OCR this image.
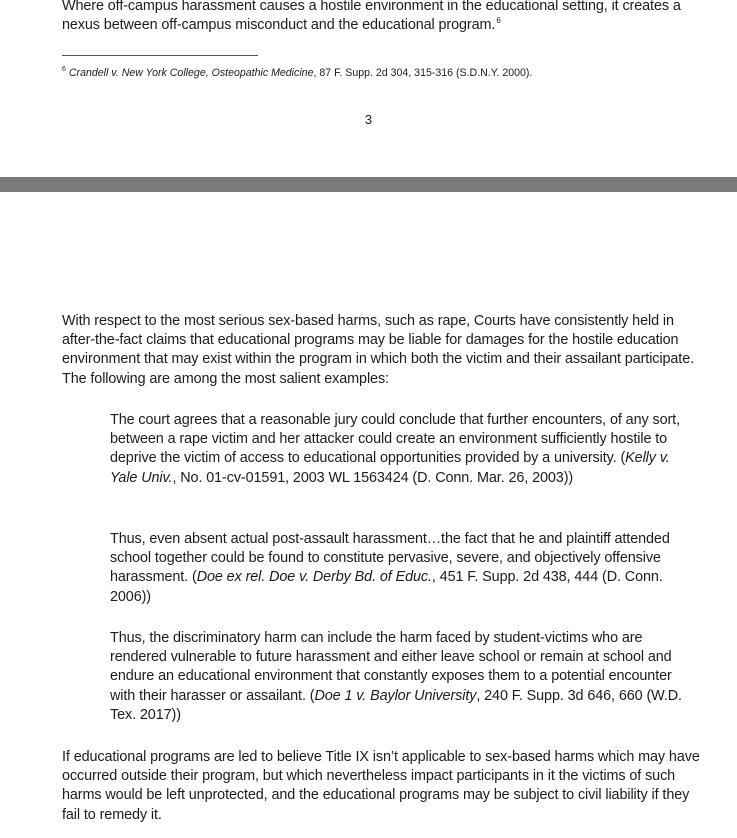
Where off-campus harassment causes a hostile environment in the educational setting, it creates a nexus between off-campus misconduct and the educational program.$^6$
$^6$ Crandell v. New York College, Osteopathic Medicine, 87 F. Supp. 2d 304, 315-316 (S.D.N.Y. 2000).
3
With respect to the most serious sex-based harms, such as rape, Courts have consistently held in after-the-fact claims that educational programs may be liable for damages for the hostile education environment that may exist within the program in which both the victim and their assailant participate. The following are among the most salient examples:
The court agrees that a reasonable jury could conclude that further encounters, of any sort, between a rape victim and her attacker could create an environment sufficiently hostile to deprive the victim of access to educational opportunities provided by a university. (Kelly v. Yale Univ., No. 01-cv-01591, 2003 WL 1563424 (D. Conn. Mar. 26, 2003))
Thus, even absent actual post-assault harassment…the fact that he and plaintiff attended school together could be found to constitute pervasive, severe, and objectively offensive harassment. (Doe ex rel. Doe v. Derby Bd. of Educ., 451 F. Supp. 2d 438, 444 (D. Conn. 2006))
Thus, the discriminatory harm can include the harm faced by student-victims who are rendered vulnerable to future harassment and either leave school or remain at school and endure an educational environment that constantly exposes them to a potential encounter with their harasser or assailant. (Doe 1 v. Baylor University, 240 F. Supp. 3d 646, 660 (W.D. Tex. 2017))
If educational programs are led to believe Title IX isn’t applicable to sex-based harms which may have occurred outside their program, but which nevertheless impact participants in it the victims of such harms would be left unprotected, and the educational programs may be subject to civil liability if they fail to remedy it.
